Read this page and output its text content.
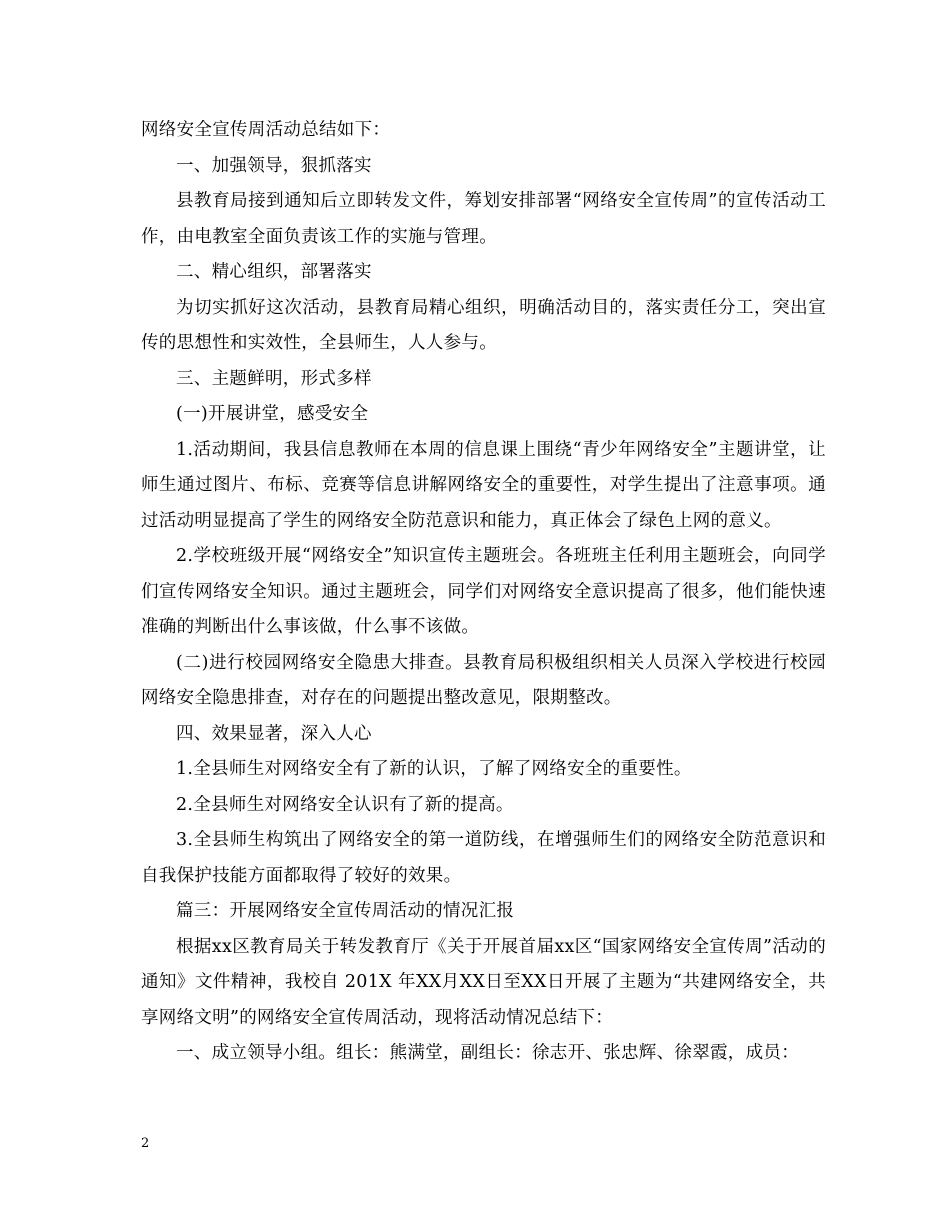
网络安全宣传周活动总结如下：

一、加强领导，狠抓落实

县教育局接到通知后立即转发文件，筹划安排部署“网络安全宣传周”的宣传活动工作，由电教室全面负责该工作的实施与管理。

二、精心组织，部署落实

为切实抓好这次活动，县教育局精心组织，明确活动目的，落实责任分工，突出宣传的思想性和实效性，全县师生，人人参与。

三、主题鲜明，形式多样

(一)开展讲堂，感受安全

1.活动期间，我县信息教师在本周的信息课上围绕“青少年网络安全”主题讲堂，让师生通过图片、布标、竞赛等信息讲解网络安全的重要性，对学生提出了注意事项。通过活动明显提高了学生的网络安全防范意识和能力，真正体会了绿色上网的意义。

2.学校班级开展“网络安全”知识宣传主题班会。各班班主任利用主题班会，向同学们宣传网络安全知识。通过主题班会，同学们对网络安全意识提高了很多，他们能快速准确的判断出什么事该做，什么事不该做。

(二)进行校园网络安全隐患大排查。县教育局积极组织相关人员深入学校进行校园网络安全隐患排查，对存在的问题提出整改意见，限期整改。

四、效果显著，深入人心

1.全县师生对网络安全有了新的认识，了解了网络安全的重要性。

2.全县师生对网络安全认识有了新的提高。

3.全县师生构筑出了网络安全的第一道防线，在增强师生们的网络安全防范意识和自我保护技能方面都取得了较好的效果。

篇三：开展网络安全宣传周活动的情况汇报

根据xx区教育局关于转发教育厅《关于开展首届xx区“国家网络安全宣传周”活动的通知》文件精神，我校自 201X 年XX月XX日至XX日开展了主题为“共建网络安全，共享网络文明”的网络安全宣传周活动，现将活动情况总结下：

一、成立领导小组。组长：熊满堂，副组长：徐志开、张忠辉、徐翠霞，成员：

2
